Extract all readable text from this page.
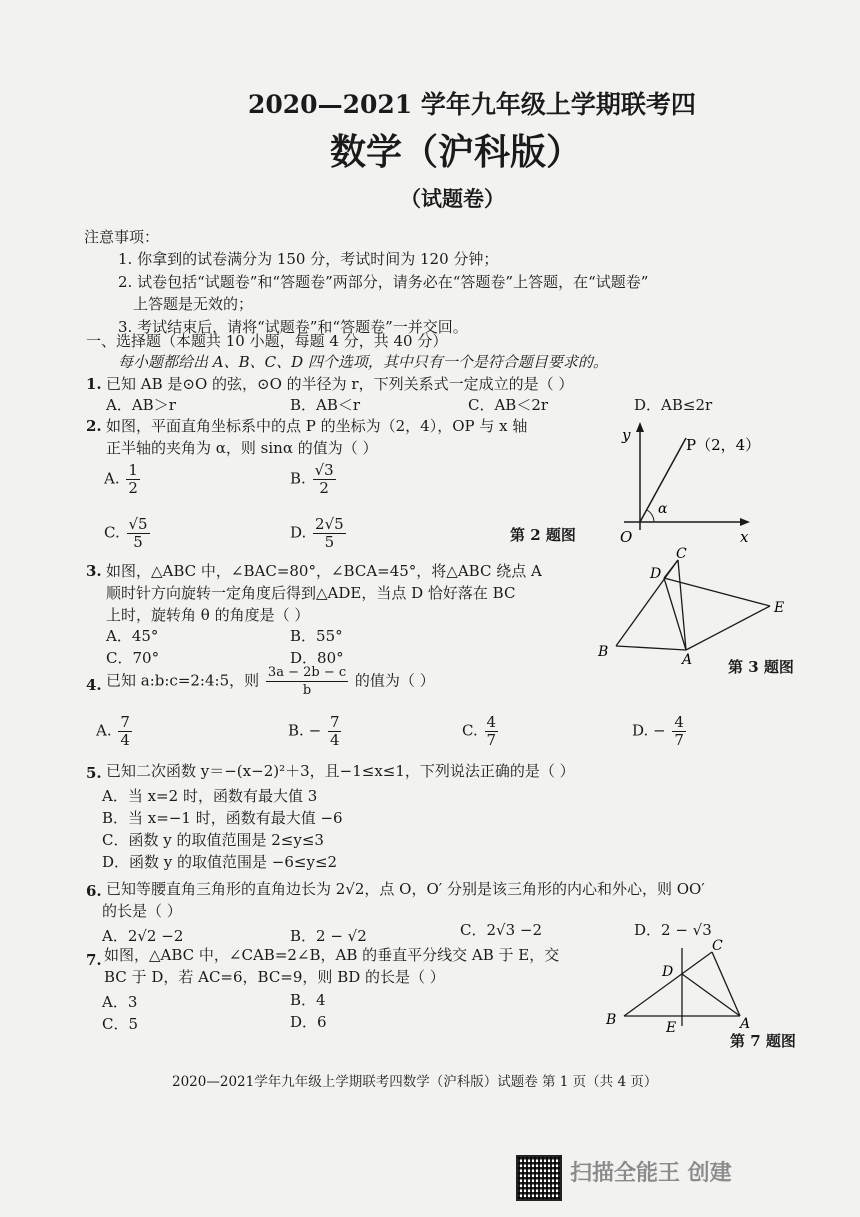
2020—2021 学年九年级上学期联考四
数学（沪科版）
（试题卷）
注意事项：
1. 你拿到的试卷满分为 150 分，考试时间为 120 分钟；
2. 试卷包括“试题卷”和“答题卷”两部分，请务必在“答题卷”上答题，在“试题卷”
上答题是无效的；
3. 考试结束后，请将“试题卷”和“答题卷”一并交回。
一、选择题（本题共 10 小题，每题 4 分，共 40 分）
每小题都给出 A、B、C、D 四个选项，其中只有一个是符合题目要求的。
1. 已知 AB 是⊙O 的弦，⊙O 的半径为 r，下列关系式一定成立的是（ ）
A．AB＞r	B．AB＜r	C．AB＜2r	D．AB≤2r
2. 如图，平面直角坐标系中的点 P 的坐标为（2，4），OP 与 x 轴
正半轴的夹角为 α，则 sinα 的值为（ ）
A. $\frac{1}{2}$	B. $\frac{√3}{2}$
C. $\frac{√5}{5}$	D. $\frac{2√5}{5}$	第 2 题图
y
x
O
P（2，4）
α
3. 如图，△ABC 中，∠BAC=80°，∠BCA=45°，将△ABC 绕点 A
顺时针方向旋转一定角度后得到△ADE，当点 D 恰好落在 BC
上时，旋转角 θ 的角度是（ ）
A．45°	B．55°
C．70°	D．80°
C
D
E
B	A 第 3 题图
4. 已知 a:b:c=2:4:5，则 $\frac{3a - 2b - c}{b}$ 的值为（ ）
A. $\frac{7}{4}$	B. − $\frac{7}{4}$	C. $\frac{4}{7}$	D. − $\frac{4}{7}$
5. 已知二次函数 y＝−(x−2)²＋3，且−1≤x≤1，下列说法正确的是（ ）
A．当 x=2 时，函数有最大值 3
B．当 x=−1 时，函数有最大值 −6
C．函数 y 的取值范围是 2≤y≤3
D．函数 y 的取值范围是 −6≤y≤2
6. 已知等腰直角三角形的直角边长为 2√2，点 O，O′ 分别是该三角形的内心和外心，则 OO′
的长是（ ）
A．2√2 −2	B．2 − √2	C．2√3 −2	D．2 − √3
7. 如图，△ABC 中，∠CAB=2∠B，AB 的垂直平分线交 AB 于 E，交
BC 于 D，若 AC=6，BC=9，则 BD 的长是（ ）
A．3	B．4
C．5	D．6
C
D
B	E	A
第 7 题图
2020—2021学年九年级上学期联考四数学（沪科版）试题卷 第 1 页（共 4 页）
扫描全能王 创建
